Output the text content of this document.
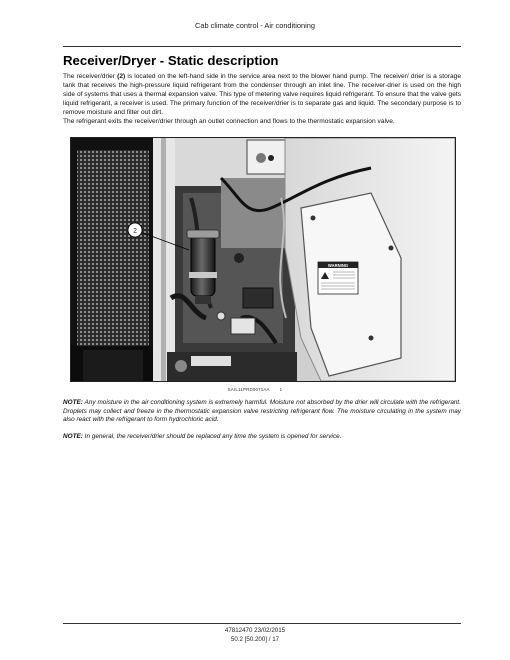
Cab climate control - Air conditioning
Receiver/Dryer - Static description
The receiver/drier (2) is located on the left-hand side in the service area next to the blower hand pump. The receiver/ drier is a storage tank that receives the high-pressure liquid refrigerant from the condenser through an inlet line. The receiver-drier is used on the high side of systems that uses a thermal expansion valve. This type of metering valve requires liquid refrigerant. To ensure that the valve gets liquid refrigerant, a receiver is used. The primary function of the receiver/drier is to separate gas and liquid. The secondary purpose is to remove moisture and filter out dirt.
The refrigerant exits the receiver/drier through an outlet connection and flows to the thermostatic expansion valve.
WARNING
2
SAIL11PRD0071AA 1
NOTE: Any moisture in the air conditioning system is extremely harmful. Moisture not absorbed by the drier will circulate with the refrigerant. Droplets may collect and freeze in the thermostatic expansion valve restricting refrigerant flow. The moisture circulating in the system may also react with the refrigerant to form hydrochloric acid.
NOTE: In general, the receiver/drier should be replaced any time the system is opened for service.
47812470 23/02/2015
50.2 [50.200] / 17
